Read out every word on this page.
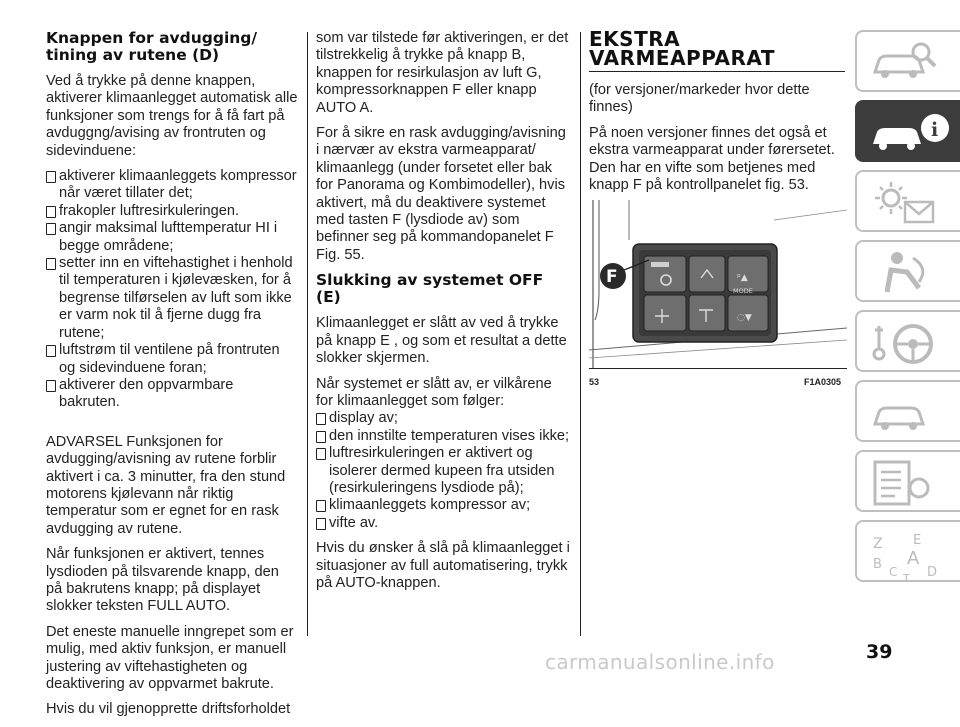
Knappen for avdugging/ tining av rutene (D)

Ved å trykke på denne knappen, aktiverer klimaanlegget automatisk alle funksjoner som trengs for å få fart på avduggng/avising av frontruten og sidevinduene:

aktiverer klimaanleggets kompressor når været tillater det;
frakopler luftresirkuleringen.
angir maksimal lufttemperatur HI i begge områdene;
setter inn en viftehastighet i henhold til temperaturen i kjølevæsken, for å begrense tilførselen av luft som ikke er varm nok til å fjerne dugg fra rutene;
luftstrøm til ventilene på frontruten og sidevinduene foran;
aktiverer den oppvarmbare bakruten.

ADVARSEL Funksjonen for avdugging/avisning av rutene forblir aktivert i ca. 3 minutter, fra den stund motorens kjølevann når riktig temperatur som er egnet for en rask avdugging av rutene.

Når funksjonen er aktivert, tennes lysdioden på tilsvarende knapp, den på bakrutens knapp; på displayet slokker teksten FULL AUTO.

Det eneste manuelle inngrepet som er mulig, med aktiv funksjon, er manuell justering av viftehastigheten og deaktivering av oppvarmet bakrute.

Hvis du vil gjenopprette driftsforholdet

som var tilstede før aktiveringen, er det tilstrekkelig å trykke på knapp B, knappen for resirkulasjon av luft G, kompressorknappen F eller knapp AUTO A.

For å sikre en rask avdugging/avisning i nærvær av ekstra varmeapparat/ klimaanlegg (under forsetet eller bak for Panorama og Kombimodeller), hvis aktivert, må du deaktivere systemet med tasten F (lysdiode av) som befinner seg på kommandopanelet F Fig. 55.

Slukking av systemet OFF (E)

Klimaanlegget er slått av ved å trykke på knapp E , og som et resultat a dette slokker skjermen.

Når systemet er slått av, er vilkårene for klimaanlegget som følger:

display av;
den innstilte temperaturen vises ikke;
luftresirkuleringen er aktivert og isolerer dermed kupeen fra utsiden (resirkuleringens lysdiode på);
klimaanleggets kompressor av;
vifte av.

Hvis du ønsker å slå på klimaanlegget i situasjoner av full automatisering, trykk på AUTO-knappen.

EKSTRA VARMEAPPARAT

(for versjoner/markeder hvor dette finnes)

På noen versjoner finnes det også et ekstra varmeapparat under førersetet. Den har en vifte som betjenes med knapp F på kontrollpanelet fig. 53.

ᵖ▲
◌▼
MODE
F
53	F1A0305
i
Z E
B A
C D
T
39
carmanualsonline.info
